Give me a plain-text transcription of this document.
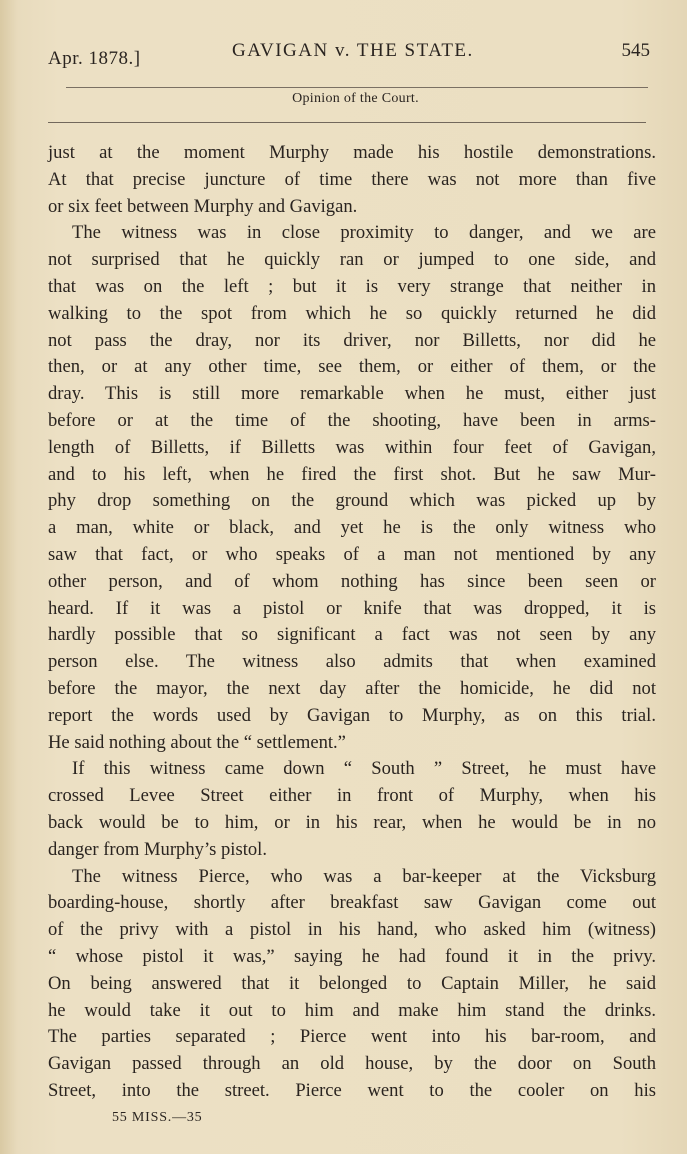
Apr. 1878.]	GAVIGAN v. THE STATE.	545
Opinion of the Court.
just at the moment Murphy made his hostile demonstrations.
At that precise juncture of time there was not more than five
or six feet between Murphy and Gavigan.
The witness was in close proximity to danger, and we are
not surprised that he quickly ran or jumped to one side, and
that was on the left ; but it is very strange that neither in
walking to the spot from which he so quickly returned he did
not pass the dray, nor its driver, nor Billetts, nor did he
then, or at any other time, see them, or either of them, or the
dray. This is still more remarkable when he must, either just
before or at the time of the shooting, have been in arms-
length of Billetts, if Billetts was within four feet of Gavigan,
and to his left, when he fired the first shot. But he saw Mur-
phy drop something on the ground which was picked up by
a man, white or black, and yet he is the only witness who
saw that fact, or who speaks of a man not mentioned by any
other person, and of whom nothing has since been seen or
heard. If it was a pistol or knife that was dropped, it is
hardly possible that so significant a fact was not seen by any
person else. The witness also admits that when examined
before the mayor, the next day after the homicide, he did not
report the words used by Gavigan to Murphy, as on this trial.
He said nothing about the “ settlement.”
If this witness came down “ South ” Street, he must have
crossed Levee Street either in front of Murphy, when his
back would be to him, or in his rear, when he would be in no
danger from Murphy’s pistol.
The witness Pierce, who was a bar-keeper at the Vicksburg
boarding-house, shortly after breakfast saw Gavigan come out
of the privy with a pistol in his hand, who asked him (witness)
“ whose pistol it was,” saying he had found it in the privy.
On being answered that it belonged to Captain Miller, he said
he would take it out to him and make him stand the drinks.
The parties separated ; Pierce went into his bar-room, and
Gavigan passed through an old house, by the door on South
Street, into the street. Pierce went to the cooler on his
55 MISS.—35
